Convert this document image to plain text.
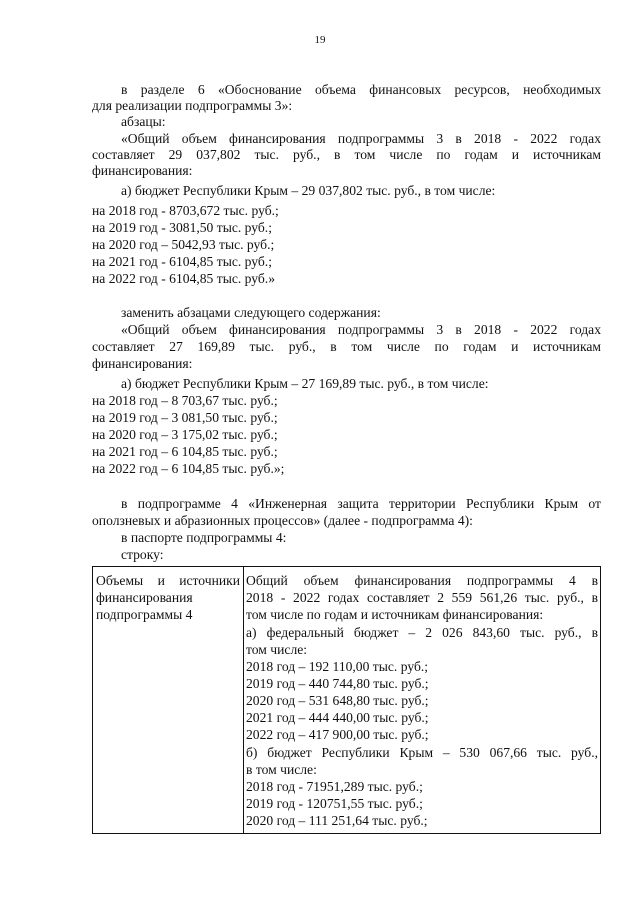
19
в разделе 6 «Обоснование объема финансовых ресурсов, необходимых
для реализации подпрограммы 3»:
абзацы:
«Общий объем финансирования подпрограммы 3 в 2018 - 2022 годах
составляет 29 037,802 тыс. руб., в том числе по годам и источникам
финансирования:
а) бюджет Республики Крым – 29 037,802 тыс. руб., в том числе:
на 2018 год - 8703,672 тыс. руб.;
на 2019 год - 3081,50 тыс. руб.;
на 2020 год – 5042,93 тыс. руб.;
на 2021 год - 6104,85 тыс. руб.;
на 2022 год - 6104,85 тыс. руб.»
заменить абзацами следующего содержания:
«Общий объем финансирования подпрограммы 3 в 2018 - 2022 годах
составляет 27 169,89 тыс. руб., в том числе по годам и источникам
финансирования:
а) бюджет Республики Крым – 27 169,89 тыс. руб., в том числе:
на 2018 год – 8 703,67 тыс. руб.;
на 2019 год – 3 081,50 тыс. руб.;
на 2020 год – 3 175,02 тыс. руб.;
на 2021 год – 6 104,85 тыс. руб.;
на 2022 год – 6 104,85 тыс. руб.»;
в подпрограмме 4 «Инженерная защита территории Республики Крым от
оползневых и абразионных процессов» (далее - подпрограмма 4):
в паспорте подпрограммы 4:
строку:
Объемы и источники
финансирования
подпрограммы 4
Общий объем финансирования подпрограммы 4 в
2018 - 2022 годах составляет 2 559 561,26 тыс. руб., в
том числе по годам и источникам финансирования:
а) федеральный бюджет – 2 026 843,60 тыс. руб., в
том числе:
2018 год – 192 110,00 тыс. руб.;
2019 год – 440 744,80 тыс. руб.;
2020 год – 531 648,80 тыс. руб.;
2021 год – 444 440,00 тыс. руб.;
2022 год – 417 900,00 тыс. руб.;
б) бюджет Республики Крым – 530 067,66 тыс. руб.,
в том числе:
2018 год - 71951,289 тыс. руб.;
2019 год - 120751,55 тыс. руб.;
2020 год – 111 251,64 тыс. руб.;
